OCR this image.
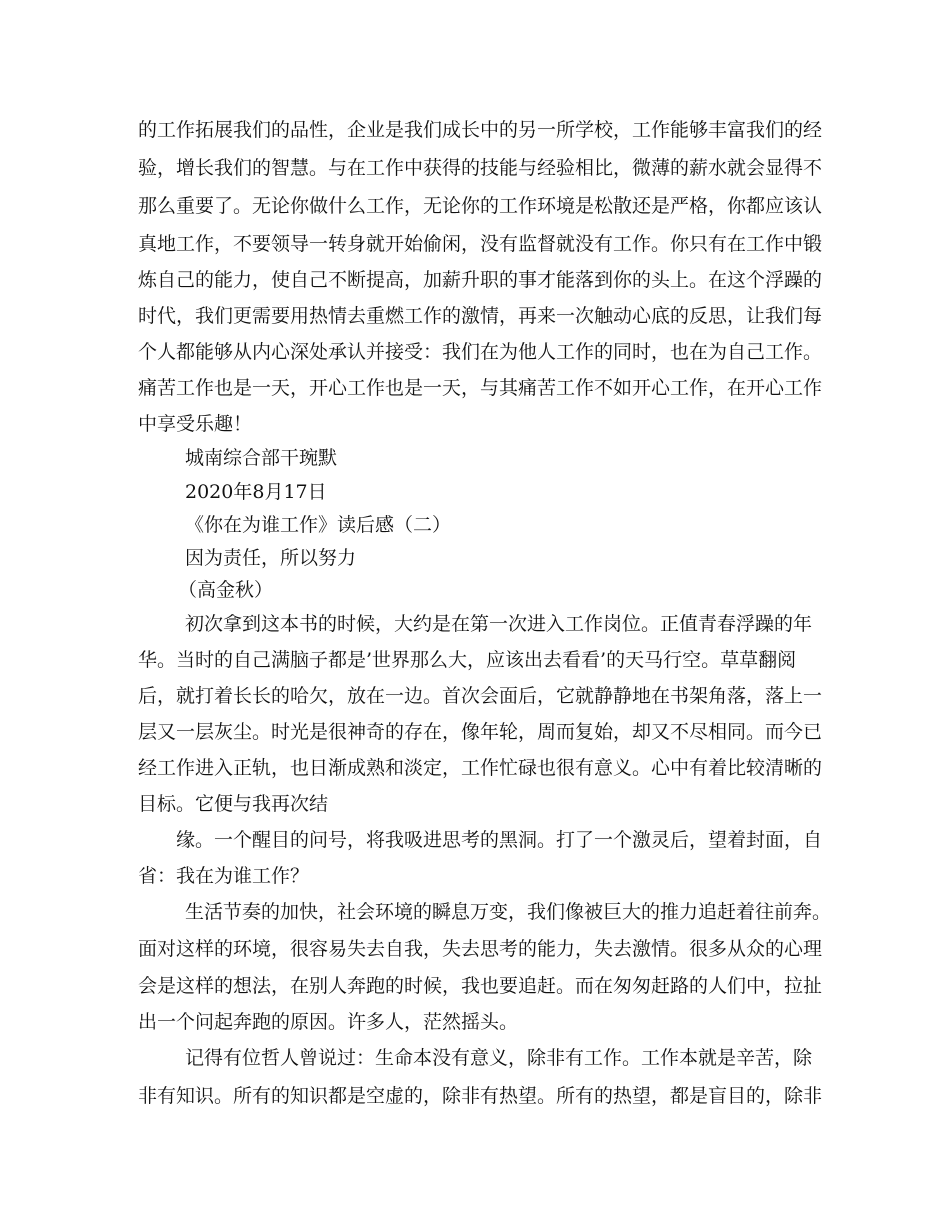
的工作拓展我们的品性，企业是我们成长中的另一所学校，工作能够丰富我们的经
验，增长我们的智慧。与在工作中获得的技能与经验相比，微薄的薪水就会显得不
那么重要了。无论你做什么工作，无论你的工作环境是松散还是严格，你都应该认
真地工作，不要领导一转身就开始偷闲，没有监督就没有工作。你只有在工作中锻
炼自己的能力，使自己不断提高，加薪升职的事才能落到你的头上。在这个浮躁的
时代，我们更需要用热情去重燃工作的激情，再来一次触动心底的反思，让我们每
个人都能够从内心深处承认并接受：我们在为他人工作的同时，也在为自己工作。
痛苦工作也是一天，开心工作也是一天，与其痛苦工作不如开心工作，在开心工作
中享受乐趣！
城南综合部干琬默
2020年8月17日
《你在为谁工作》读后感（二）
因为责任，所以努力
（高金秋）
初次拿到这本书的时候，大约是在第一次进入工作岗位。正值青春浮躁的年
华。当时的自己满脑子都是’世界那么大，应该出去看看’的天马行空。草草翻阅
后，就打着长长的哈欠，放在一边。首次会面后，它就静静地在书架角落，落上一
层又一层灰尘。时光是很神奇的存在，像年轮，周而复始，却又不尽相同。而今已
经工作进入正轨，也日渐成熟和淡定，工作忙碌也很有意义。心中有着比较清晰的
目标。它便与我再次结
缘。一个醒目的问号，将我吸进思考的黑洞。打了一个激灵后，望着封面，自
省：我在为谁工作？
生活节奏的加快，社会环境的瞬息万变，我们像被巨大的推力追赶着往前奔。
面对这样的环境，很容易失去自我，失去思考的能力，失去激情。很多从众的心理
会是这样的想法，在别人奔跑的时候，我也要追赶。而在匆匆赶路的人们中，拉扯
出一个问起奔跑的原因。许多人，茫然摇头。
记得有位哲人曾说过：生命本没有意义，除非有工作。工作本就是辛苦，除
非有知识。所有的知识都是空虚的，除非有热望。所有的热望，都是盲目的，除非
